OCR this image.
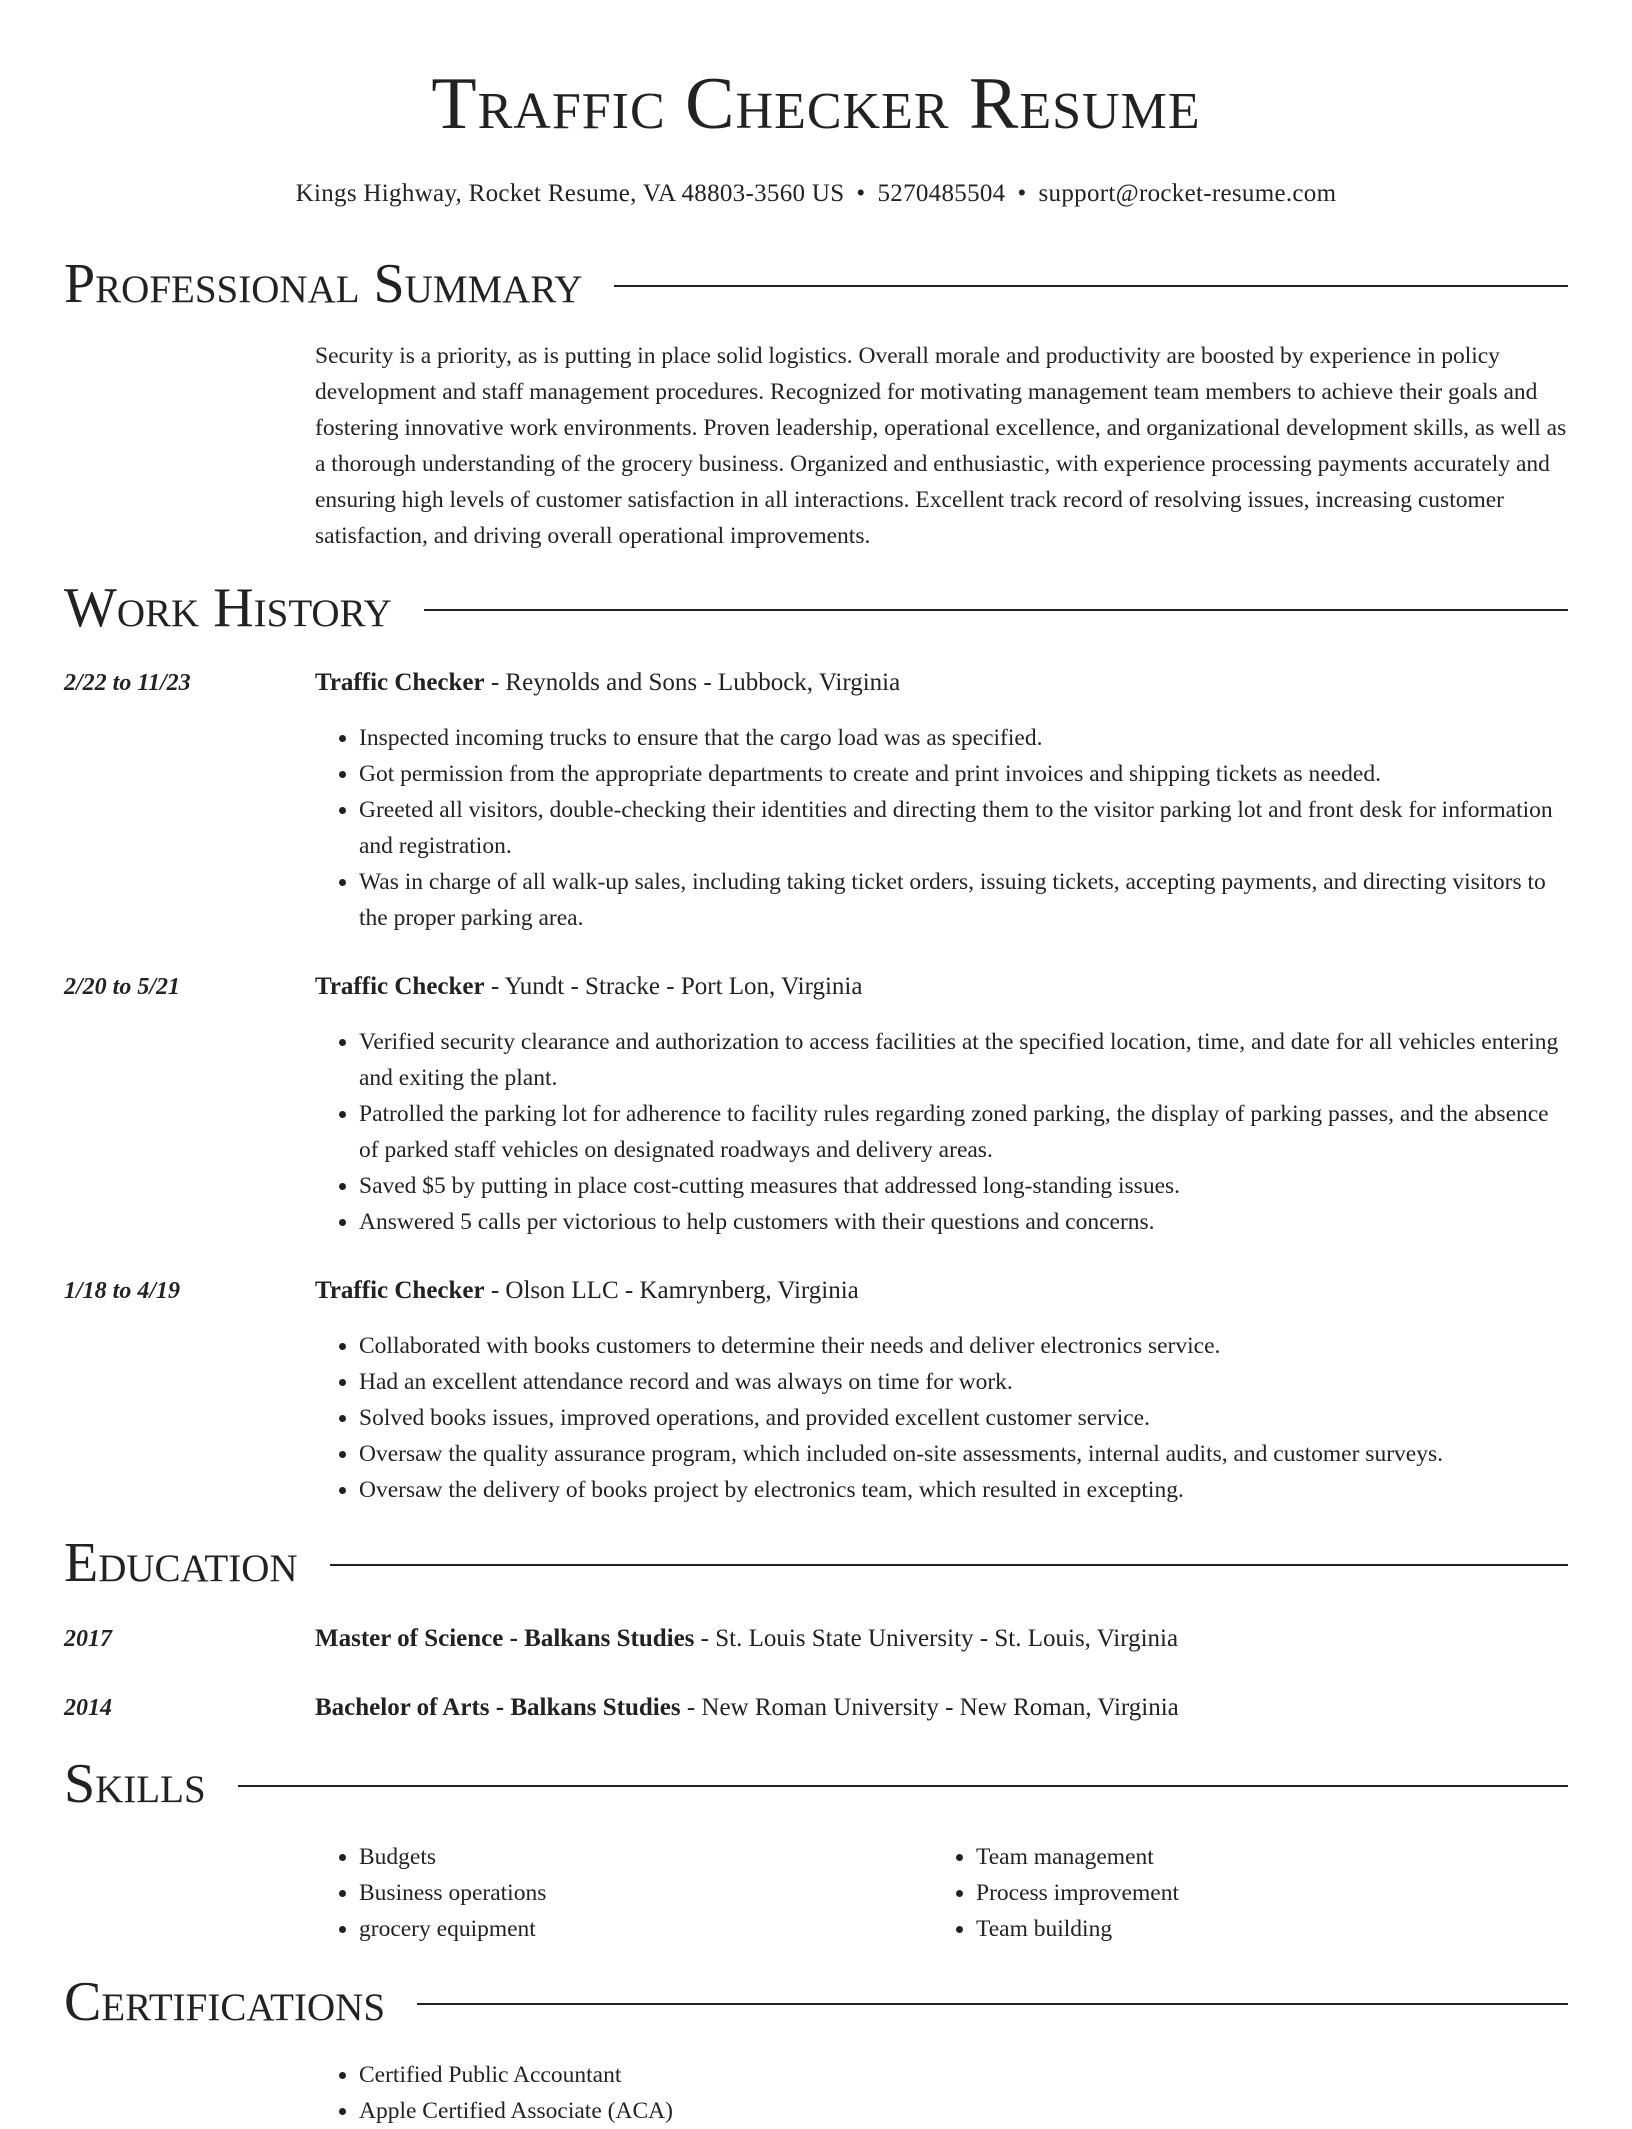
Traffic Checker Resume
Kings Highway, Rocket Resume, VA 48803-3560 US • 5270485504 • support@rocket-resume.com
Professional Summary
Security is a priority, as is putting in place solid logistics. Overall morale and productivity are boosted by experience in policy development and staff management procedures. Recognized for motivating management team members to achieve their goals and fostering innovative work environments. Proven leadership, operational excellence, and organizational development skills, as well as a thorough understanding of the grocery business. Organized and enthusiastic, with experience processing payments accurately and ensuring high levels of customer satisfaction in all interactions. Excellent track record of resolving issues, increasing customer satisfaction, and driving overall operational improvements.
Work History
2/22 to 11/23	Traffic Checker - Reynolds and Sons - Lubbock, Virginia
• Inspected incoming trucks to ensure that the cargo load was as specified.
• Got permission from the appropriate departments to create and print invoices and shipping tickets as needed.
• Greeted all visitors, double-checking their identities and directing them to the visitor parking lot and front desk for information and registration.
• Was in charge of all walk-up sales, including taking ticket orders, issuing tickets, accepting payments, and directing visitors to the proper parking area.
2/20 to 5/21	Traffic Checker - Yundt - Stracke - Port Lon, Virginia
• Verified security clearance and authorization to access facilities at the specified location, time, and date for all vehicles entering and exiting the plant.
• Patrolled the parking lot for adherence to facility rules regarding zoned parking, the display of parking passes, and the absence of parked staff vehicles on designated roadways and delivery areas.
• Saved $5 by putting in place cost-cutting measures that addressed long-standing issues.
• Answered 5 calls per victorious to help customers with their questions and concerns.
1/18 to 4/19	Traffic Checker - Olson LLC - Kamrynberg, Virginia
• Collaborated with books customers to determine their needs and deliver electronics service.
• Had an excellent attendance record and was always on time for work.
• Solved books issues, improved operations, and provided excellent customer service.
• Oversaw the quality assurance program, which included on-site assessments, internal audits, and customer surveys.
• Oversaw the delivery of books project by electronics team, which resulted in excepting.
Education
2017	Master of Science - Balkans Studies - St. Louis State University - St. Louis, Virginia
2014	Bachelor of Arts - Balkans Studies - New Roman University - New Roman, Virginia
Skills
• Budgets
• Business operations
• grocery equipment
• Team management
• Process improvement
• Team building
Certifications
• Certified Public Accountant
• Apple Certified Associate (ACA)
